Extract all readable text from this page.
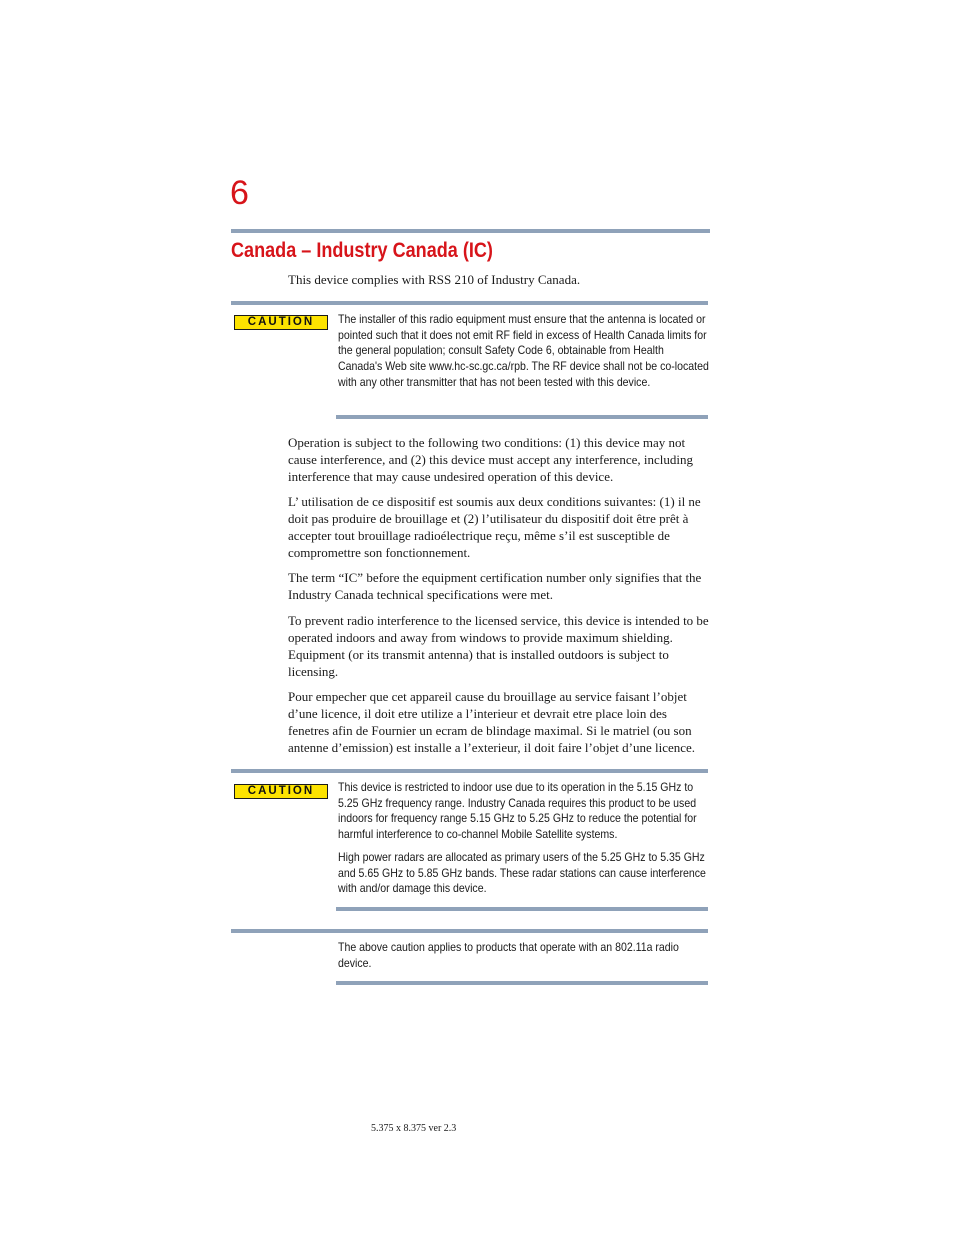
6
Canada – Industry Canada (IC)
This device complies with RSS 210 of Industry Canada.
CAUTION	The installer of this radio equipment must ensure that the antenna is located or pointed such that it does not emit RF field in excess of Health Canada limits for the general population; consult Safety Code 6, obtainable from Health Canada's Web site www.hc-sc.gc.ca/rpb. The RF device shall not be co-located with any other transmitter that has not been tested with this device.

Operation is subject to the following two conditions: (1) this device may not cause interference, and (2) this device must accept any interference, including interference that may cause undesired operation of this device.
L’ utilisation de ce dispositif est soumis aux deux conditions suivantes: (1) il ne doit pas produire de brouillage et (2) l’utilisateur du dispositif doit être prêt à accepter tout brouillage radioélectrique reçu, même s’il est susceptible de compromettre son fonctionnement.
The term “IC” before the equipment certification number only signifies that the Industry Canada technical specifications were met.
To prevent radio interference to the licensed service, this device is intended to be operated indoors and away from windows to provide maximum shielding. Equipment (or its transmit antenna) that is installed outdoors is subject to licensing.
Pour empecher que cet appareil cause du brouillage au service faisant l’objet d’une licence, il doit etre utilize a l’interieur et devrait etre place loin des fenetres afin de Fournier un ecram de blindage maximal. Si le matriel (ou son antenne d’emission) est installe a l’exterieur, il doit faire l’objet d’une licence.
CAUTION	This device is restricted to indoor use due to its operation in the 5.15 GHz to 5.25 GHz frequency range. Industry Canada requires this product to be used indoors for frequency range 5.15 GHz to 5.25 GHz to reduce the potential for harmful interference to co-channel Mobile Satellite systems.

High power radars are allocated as primary users of the 5.25 GHz to 5.35 GHz and 5.65 GHz to 5.85 GHz bands. These radar stations can cause interference with and/or damage this device.

The above caution applies to products that operate with an 802.11a radio device.

5.375 x 8.375 ver 2.3
